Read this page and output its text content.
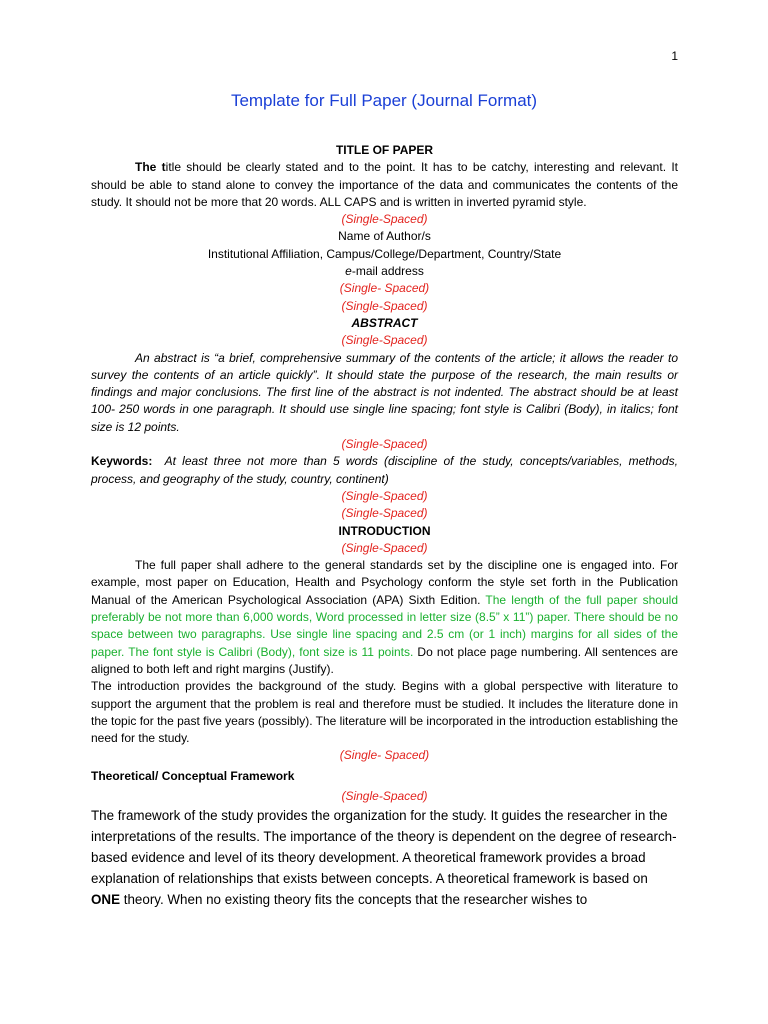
1
Template for Full Paper (Journal Format)

TITLE OF PAPER

The title should be clearly stated and to the point. It has to be catchy, interesting and relevant. It should be able to stand alone to convey the importance of the data and communicates the contents of the study. It should not be more that 20 words. ALL CAPS and is written in inverted pyramid style.

(Single-Spaced)

Name of Author/s

Institutional Affiliation, Campus/College/Department, Country/State

e-mail address

(Single- Spaced)

(Single-Spaced)

ABSTRACT

(Single-Spaced)

An abstract is “a brief, comprehensive summary of the contents of the article; it allows the reader to survey the contents of an article quickly”. It should state the purpose of the research, the main results or findings and major conclusions. The first line of the abstract is not indented. The abstract should be at least 100- 250 words in one paragraph. It should use single line spacing; font style is Calibri (Body), in italics; font size is 12 points.

(Single-Spaced)

Keywords: At least three not more than 5 words (discipline of the study, concepts/variables, methods, process, and geography of the study, country, continent)

(Single-Spaced)

(Single-Spaced)

INTRODUCTION

(Single-Spaced)

The full paper shall adhere to the general standards set by the discipline one is engaged into. For example, most paper on Education, Health and Psychology conform the style set forth in the Publication Manual of the American Psychological Association (APA) Sixth Edition. The length of the full paper should preferably be not more than 6,000 words, Word processed in letter size (8.5” x 11”) paper. There should be no space between two paragraphs. Use single line spacing and 2.5 cm (or 1 inch) margins for all sides of the paper. The font style is Calibri (Body), font size is 11 points. Do not place page numbering. All sentences are aligned to both left and right margins (Justify).

The introduction provides the background of the study. Begins with a global perspective with literature to support the argument that the problem is real and therefore must be studied. It includes the literature done in the topic for the past five years (possibly). The literature will be incorporated in the introduction establishing the need for the study.

(Single- Spaced)

Theoretical/ Conceptual Framework

(Single-Spaced)

The framework of the study provides the organization for the study. It guides the researcher in the interpretations of the results. The importance of the theory is dependent on the degree of research-based evidence and level of its theory development. A theoretical framework provides a broad explanation of relationships that exists between concepts. A theoretical framework is based on ONE theory. When no existing theory fits the concepts that the researcher wishes to
